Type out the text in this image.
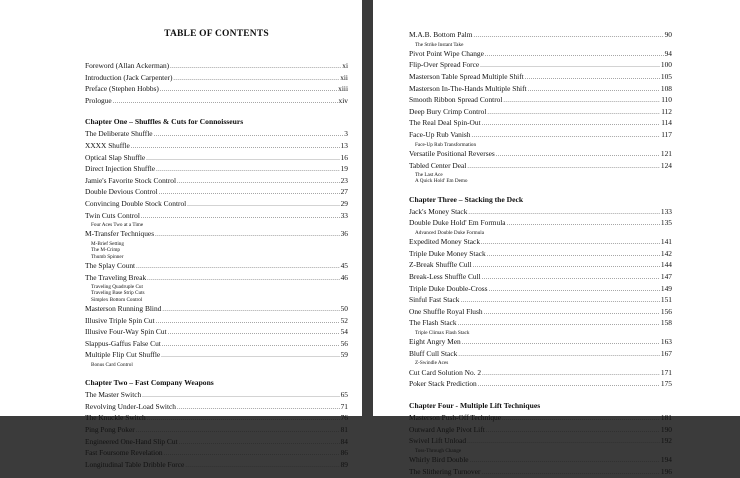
TABLE OF CONTENTS
Foreword (Allan Ackerman) .....	xi
Introduction (Jack Carpenter) .....	xii
Preface (Stephen Hobbs) .....	xiii
Prologue .....	xiv
Chapter One – Shuffles & Cuts for Connoisseurs
The Deliberate Shuffle .....	3
XXXX Shuffle .....	13
Optical Slap Shuffle .....	16
Direct Injection Shuffle .....	19
Jamie's Favorite Stock Control .....	23
Double Devious Control .....	27
Convincing Double Stock Control .....	29
Twin Cuts Control .....	33
Four Aces Two at a Time
M-Transfer Techniques .....	36
M-Brief Setting
The M-Crimp
Thumb Spinner
The Splay Count .....	45
The Traveling Break .....	46
Traveling Quadruple Cut
Traveling Base Strip Cuts
Simplex Bottom Control
Masterson Running Blind .....	50
Illusive Triple Spin Cut .....	52
Illusive Four-Way Spin Cut .....	54
Slappus-Gaffus False Cut .....	56
Multiple Flip Cut Shuffle .....	59
Bonus Card Control
Chapter Two – Fast Company Weapons
The Master Switch .....	65
Revolving Under-Load Switch .....	71
The Knuckle Switch .....	76
Ping Pong Poker .....	81
Engineered One-Hand Slip Cut .....	84
Fast Foursome Revelation .....	86
Longitudinal Table Dribble Force .....	89
M.A.B. Bottom Palm .....	90
The Strike Instant Take
Pivot Point Wipe Change .....	94
Flip-Over Spread Force .....	100
Masterson Table Spread Multiple Shift .....	105
Masterson In-The-Hands Multiple Shift .....	108
Smooth Ribbon Spread Control .....	110
Deep Bury Crimp Control .....	112
The Real Deal Spin-Out .....	114
Face-Up Rub Vanish .....	117
Face-Up Rub Transformation
Versatile Positional Reverses .....	121
Tabled Center Deal .....	124
The Last Ace
A Quick Hold' Em Demo
Chapter Three – Stacking the Deck
Jack's Money Stack .....	133
Double Duke Hold' Em Formula .....	135
Advanced Double Duke Formula
Expedited Money Stack .....	141
Triple Duke Money Stack .....	142
Z-Break Shuffle Cull .....	144
Break-Less Shuffle Cull .....	147
Triple Duke Double-Cross .....	149
Sinful Fast Stack .....	151
One Shuffle Royal Flush .....	156
The Flash Stack .....	158
Triple Climax Flash Stack
Eight Angry Men .....	163
Bluff Cull Stack .....	167
Z-Swindle Aces
Cut Card Solution No. 2 .....	171
Poker Stack Prediction .....	175
Chapter Four - Multiple Lift Techniques
Masterson Push-Off Technique .....	181
Outward Angle Pivot Lift .....	190
Swivel Lift Unload .....	192
Toss-Through Change
Whirly Bird Double .....	194
The Slithering Turnover .....	196
